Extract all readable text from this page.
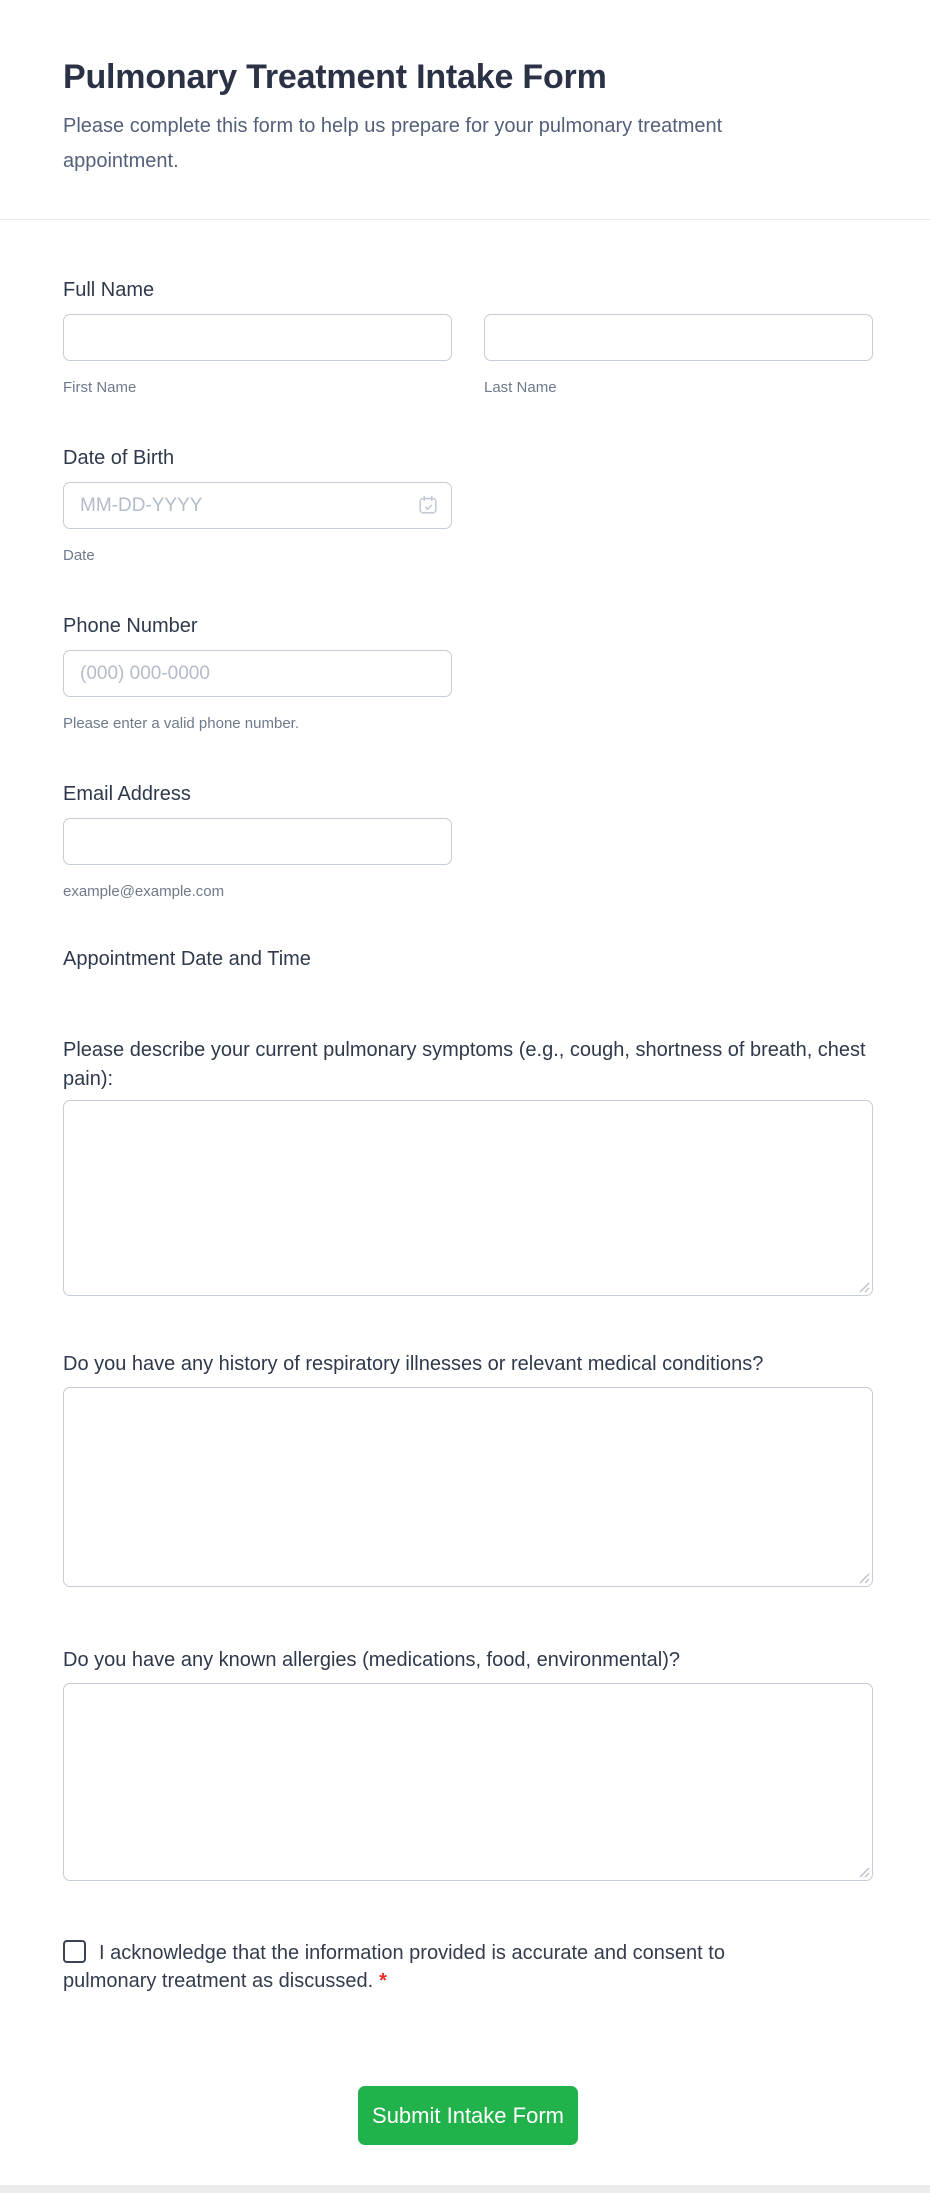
Pulmonary Treatment Intake Form
Please complete this form to help us prepare for your pulmonary treatment appointment.
Full Name
First Name	Last Name
Date of Birth
MM-DD-YYYY
Date
Phone Number
(000) 000-0000
Please enter a valid phone number.
Email Address
example@example.com
Appointment Date and Time
Please describe your current pulmonary symptoms (e.g., cough, shortness of breath, chest pain):
Do you have any history of respiratory illnesses or relevant medical conditions?
Do you have any known allergies (medications, food, environmental)?
I acknowledge that the information provided is accurate and consent to pulmonary treatment as discussed. *
Submit Intake Form
